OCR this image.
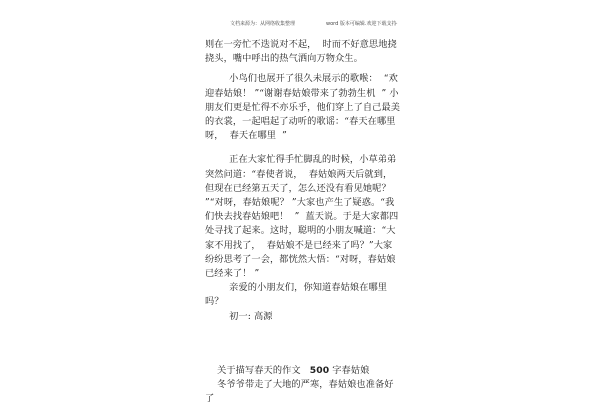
文档来源为：从网络收集整理	word 版本可编辑.欢迎下载支持 .

则在一旁忙不迭说对不起，  时而不好意思地挠挠头，嘴中呼出的热气洒向万物众生。

小鸟们也展开了很久未展示的歌喉：  “欢迎春姑娘！ ”“谢谢春姑娘带来了勃勃生机  ” 小朋友们更是忙得不亦乐乎，他们穿上了自己最美的衣裳，一起唱起了动听的歌谣：“春天在哪里呀，  春天在哪里  ”

正在大家忙得手忙脚乱的时候，小草弟弟突然问道：“春使者说，  春姑娘两天后就到，  但现在已经第五天了，怎么还没有看见她呢？ ”“对呀，春姑娘呢？ ”大家也产生了疑惑。“我们快去找春姑娘吧！  ”  蓝天说。于是大家都四处寻找了起来。这时，聪明的小朋友喊道：“大家不用找了，  春姑娘不是已经来了吗？”大家纷纷思考了一会，都恍然大悟：“对呀，春姑娘已经来了！ ”

亲爱的小朋友们，你知道春姑娘在哪里吗？

初一: 高源

关于描写春天的作文 500 字春姑娘

冬爷爷带走了大地的严寒，春姑娘也准备好了
